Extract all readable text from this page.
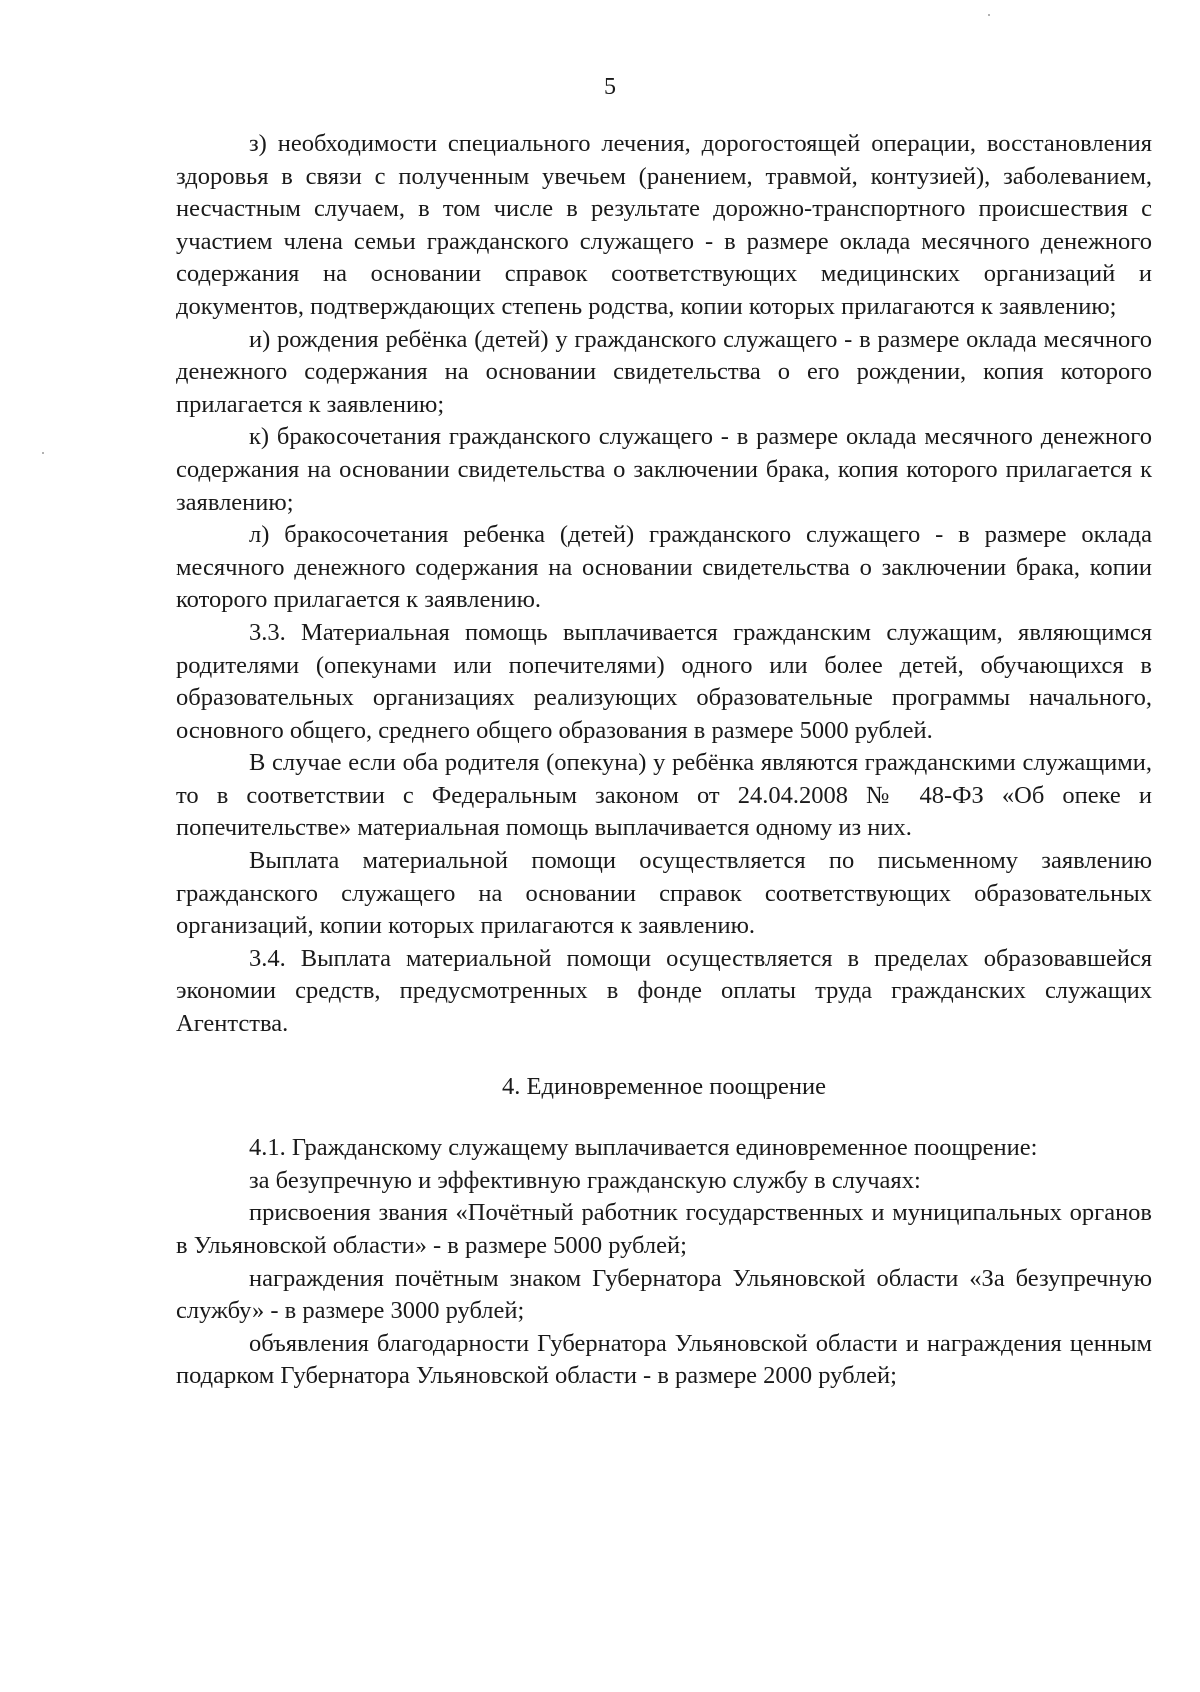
5

з) необходимости специального лечения, дорогостоящей операции, восстановления здоровья в связи с полученным увечьем (ранением, травмой, контузией), заболеванием, несчастным случаем, в том числе в результате дорожно-транспортного происшествия с участием члена семьи гражданского служащего - в размере оклада месячного денежного содержания на основании справок соответствующих медицинских организаций и документов, подтверждающих степень родства, копии которых прилагаются к заявлению;

и) рождения ребёнка (детей) у гражданского служащего - в размере оклада месячного денежного содержания на основании свидетельства о его рождении, копия которого прилагается к заявлению;

к) бракосочетания гражданского служащего - в размере оклада месячного денежного содержания на основании свидетельства о заключении брака, копия которого прилагается к заявлению;

л) бракосочетания ребенка (детей) гражданского служащего - в размере оклада месячного денежного содержания на основании свидетельства о заключении брака, копии которого прилагается к заявлению.

3.3. Материальная помощь выплачивается гражданским служащим, являющимся родителями (опекунами или попечителями) одного или более детей, обучающихся в образовательных организациях реализующих образовательные программы начального, основного общего, среднего общего образования в размере 5000 рублей.

В случае если оба родителя (опекуна) у ребёнка являются гражданскими служащими, то в соответствии с Федеральным законом от 24.04.2008 № 48-ФЗ «Об опеке и попечительстве» материальная помощь выплачивается одному из них.

Выплата материальной помощи осуществляется по письменному заявлению гражданского служащего на основании справок соответствующих образовательных организаций, копии которых прилагаются к заявлению.

3.4. Выплата материальной помощи осуществляется в пределах образовавшейся экономии средств, предусмотренных в фонде оплаты труда гражданских служащих Агентства.

4. Единовременное поощрение

4.1. Гражданскому служащему выплачивается единовременное поощрение:

за безупречную и эффективную гражданскую службу в случаях:

присвоения звания «Почётный работник государственных и муниципальных органов в Ульяновской области» - в размере 5000 рублей;

награждения почётным знаком Губернатора Ульяновской области «За безупречную службу» - в размере 3000 рублей;

объявления благодарности Губернатора Ульяновской области и награждения ценным подарком Губернатора Ульяновской области - в размере 2000 рублей;
